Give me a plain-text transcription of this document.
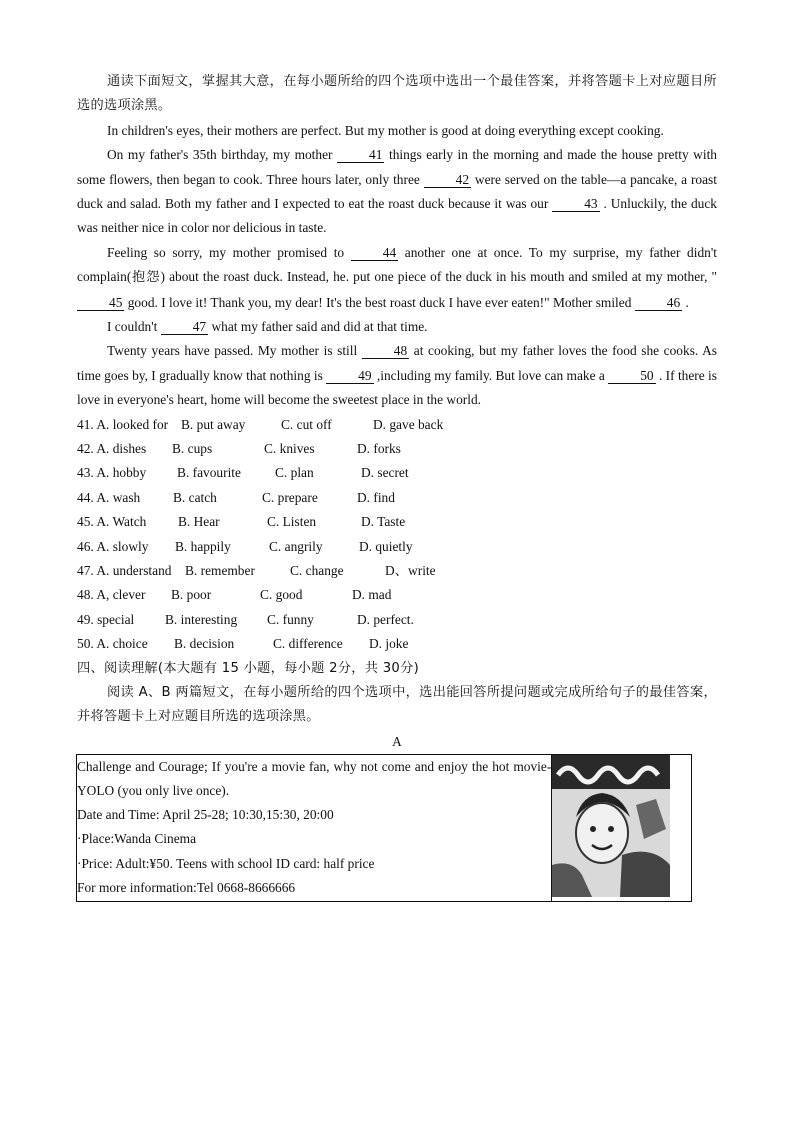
通读下面短文，掌握其大意，在每小题所给的四个选项中选出一个最佳答案，并将答题卡上对应题目所选的选项涂黑。

In children's eyes, their mothers are perfect. But my mother is good at doing everything except cooking.

On my father's 35th birthday, my mother 41 things early in the morning and made the house pretty with some flowers, then began to cook. Three hours later, only three 42 were served on the table—a pancake, a roast duck and salad. Both my father and I expected to eat the roast duck because it was our 43 . Unluckily, the duck was neither nice in color nor delicious in taste.

Feeling so sorry, my mother promised to 44 another one at once. To my surprise, my father didn't complain(抱怨) about the roast duck. Instead, he. put one piece of the duck in his mouth and smiled at my mother, "45 good. I love it! Thank you, my dear! It's the best roast duck I have ever eaten!" Mother smiled 46 .

I couldn't 47 what my father said and did at that time.

Twenty years have passed. My mother is still 48 at cooking, but my father loves the food she cooks. As time goes by, I gradually know that nothing is 49 ,including my family. But love can make a 50 . If there is love in everyone's heart, home will become the sweetest place in the world.

41. A. looked for B. put away	C. cut off	D. gave back
42. A. dishes B. cups	C. knives	D. forks
43. A. hobby B. favourite	C. plan	D. secret
44. A. wash B. catch	C. prepare	D. find
45. A. Watch B. Hear	C. Listen	D. Taste
46. A. slowly B. happily	C. angrily	D. quietly
47. A. understand B. remember	C. change	D、write
48. A, clever B. poor	C. good	D. mad
49. special B. interesting C. funny	D. perfect.
50. A. choice B. decision	C. difference D. joke

四、阅读理解(本大题有 15 小题，每小题 2分，共 30分)

阅读 A、B 两篇短文，在每小题所给的四个选项中，选出能回答所提问题或完成所给句子的最佳答案，并将答题卡上对应题目所选的选项涂黑。

A

Challenge and Courage; If you're a movie fan, why not come and enjoy the hot movie-YOLO (you only live once).
Date and Time: April 25-28; 10:30,15:30, 20:00
·Place:Wanda Cinema
·Price: Adult:¥50. Teens with school ID card: half price
For more information:Tel 0668-8666666
